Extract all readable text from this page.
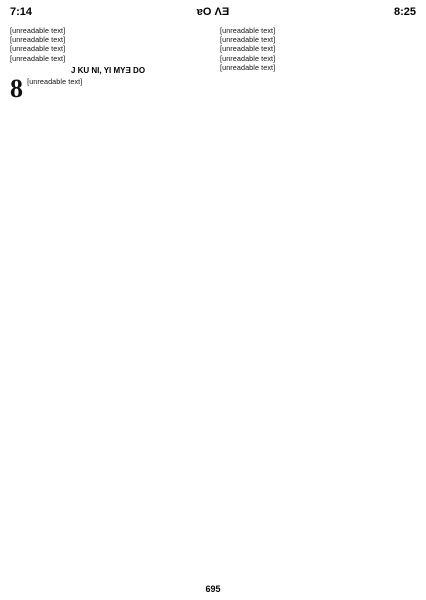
7:14	ɐO ɅƎ	8:25

[unreadable text]

[unreadable text]

[unreadable text]

[unreadable text]

J KU NI, YI MYƎ DO

8 [unreadable text]

[unreadable text]

[unreadable text]

[unreadable text]

[unreadable text]

[unreadable text]

695
